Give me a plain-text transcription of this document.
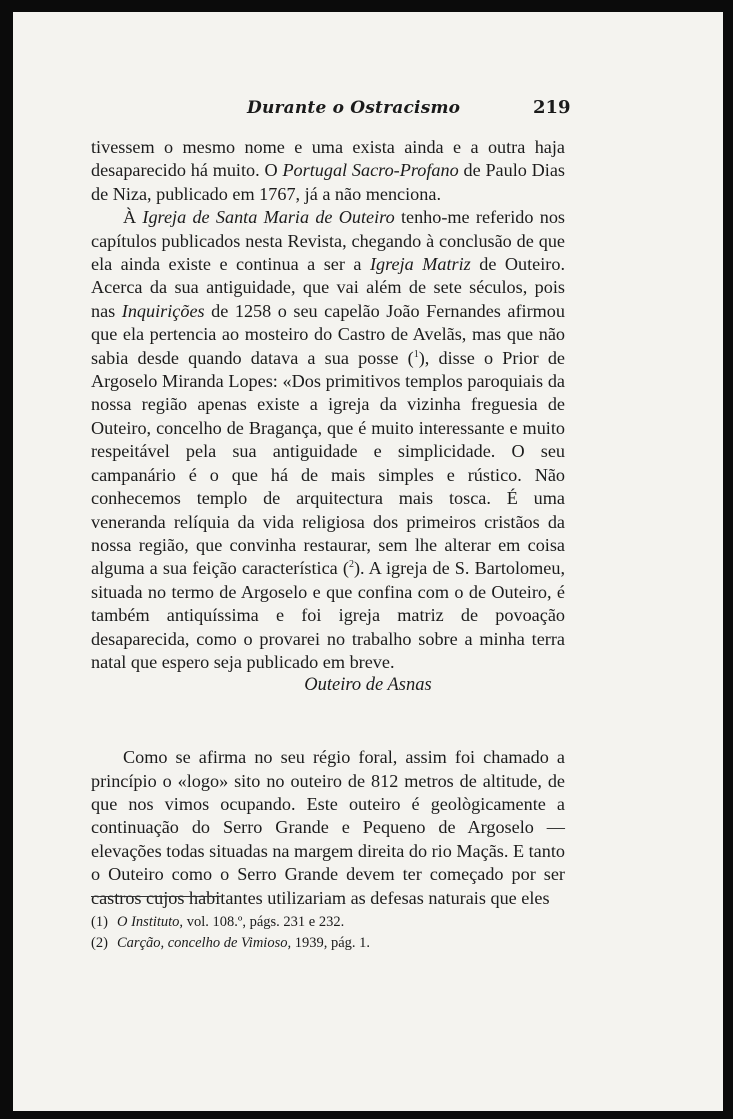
Durante o Ostracismo	219

tivessem o mesmo nome e uma exista ainda e a outra haja desaparecido há muito. O Portugal Sacro-Profano de Paulo Dias de Niza, publicado em 1767, já a não menciona.

À Igreja de Santa Maria de Outeiro tenho-me referido nos capítulos publicados nesta Revista, chegando à conclusão de que ela ainda existe e continua a ser a Igreja Matriz de Outeiro. Acerca da sua antiguidade, que vai além de sete séculos, pois nas Inquirições de 1258 o seu capelão João Fernandes afirmou que ela pertencia ao mosteiro do Castro de Avelãs, mas que não sabia desde quando datava a sua posse ($^1$), disse o Prior de Argoselo Miranda Lopes: «Dos primitivos templos paroquiais da nossa região apenas existe a igreja da vizinha freguesia de Outeiro, concelho de Bragança, que é muito interessante e muito respeitável pela sua antiguidade e simplicidade. O seu campanário é o que há de mais simples e rústico. Não conhecemos templo de arquitectura mais tosca. É uma veneranda relíquia da vida religiosa dos primeiros cristãos da nossa região, que convinha restaurar, sem lhe alterar em coisa alguma a sua feição característica ($^2$). A igreja de S. Bartolomeu, situada no termo de Argoselo e que confina com o de Outeiro, é também antiquíssima e foi igreja matriz de povoação desaparecida, como o provarei no trabalho sobre a minha terra natal que espero seja publicado em breve.

Outeiro de Asnas

Como se afirma no seu régio foral, assim foi chamado a princípio o «logo» sito no outeiro de 812 metros de altitude, de que nos vimos ocupando. Este outeiro é geològicamente a continuação do Serro Grande e Pequeno de Argoselo — elevações todas situadas na margem direita do rio Maçãs. E tanto o Outeiro como o Serro Grande devem ter começado por ser castros cujos habitantes utilizariam as defesas naturais que eles

(1) O Instituto, vol. 108.º, págs. 231 e 232.
(2) Carção, concelho de Vimioso, 1939, pág. 1.
